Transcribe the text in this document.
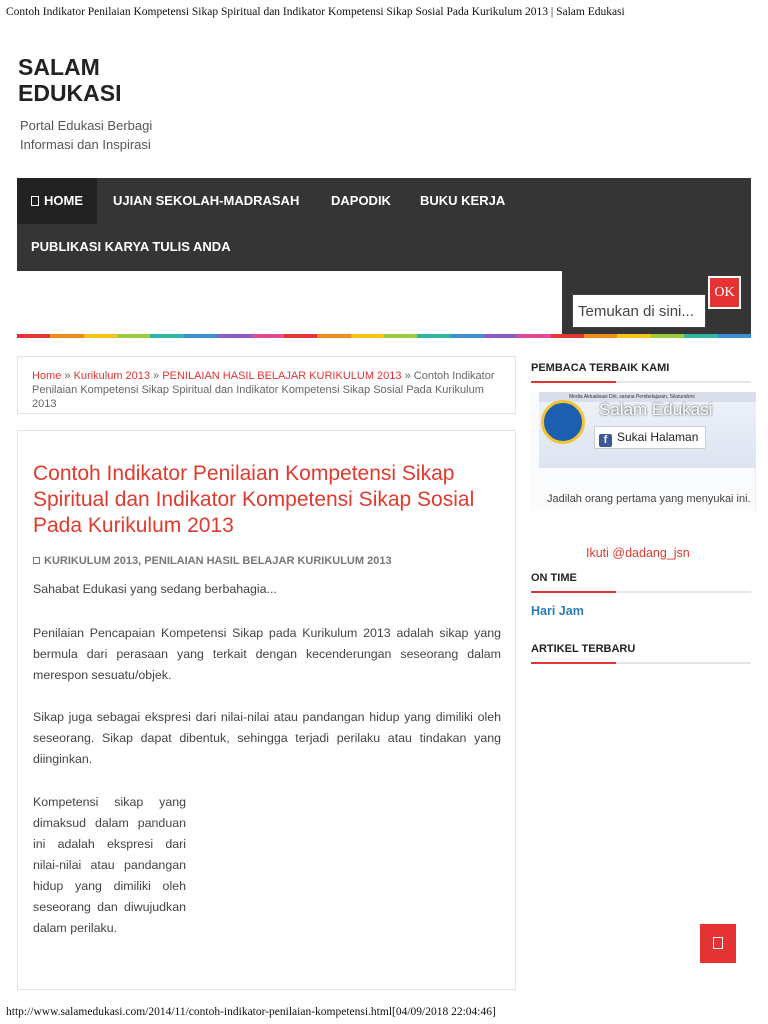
Contoh Indikator Penilaian Kompetensi Sikap Spiritual dan Indikator Kompetensi Sikap Sosial Pada Kurikulum 2013 | Salam Edukasi
SALAM EDUKASI
Portal Edukasi Berbagi Informasi dan Inspirasi
HOME	UJIAN SEKOLAH-MADRASAH	DAPODIK	BUKU KERJA
PUBLIKASI KARYA TULIS ANDA
Temukan di sini...
OK
Home » Kurikulum 2013 » PENILAIAN HASIL BELAJAR KURIKULUM 2013 » Contoh Indikator Penilaian Kompetensi Sikap Spiritual dan Indikator Kompetensi Sikap Sosial Pada Kurikulum 2013
Contoh Indikator Penilaian Kompetensi Sikap Spiritual dan Indikator Kompetensi Sikap Sosial Pada Kurikulum 2013
KURIKULUM 2013, PENILAIAN HASIL BELAJAR KURIKULUM 2013

Sahabat Edukasi yang sedang berbahagia...

Penilaian Pencapaian Kompetensi Sikap pada Kurikulum 2013 adalah sikap yang bermula dari perasaan yang terkait dengan kecenderungan seseorang dalam merespon sesuatu/objek.

Sikap juga sebagai ekspresi dari nilai-nilai atau pandangan hidup yang dimiliki oleh seseorang. Sikap dapat dibentuk, sehingga terjadi perilaku atau tindakan yang diinginkan.

Kompetensi sikap yang dimaksud dalam panduan ini adalah ekspresi dari nilai-nilai atau pandangan hidup yang dimiliki oleh seseorang dan diwujudkan dalam perilaku.

PEMBACA TERBAIK KAMI
Media Aktualisasi Diri, sarana Pembelajaran, Silaturahmi
Salam Edukasi
f Sukai Halaman
Jadilah orang pertama yang menyukai ini.
Ikuti @dadang_jsn
ON TIME
Hari Jam
ARTIKEL TERBARU
http://www.salamedukasi.com/2014/11/contoh-indikator-penilaian-kompetensi.html[04/09/2018 22:04:46]
